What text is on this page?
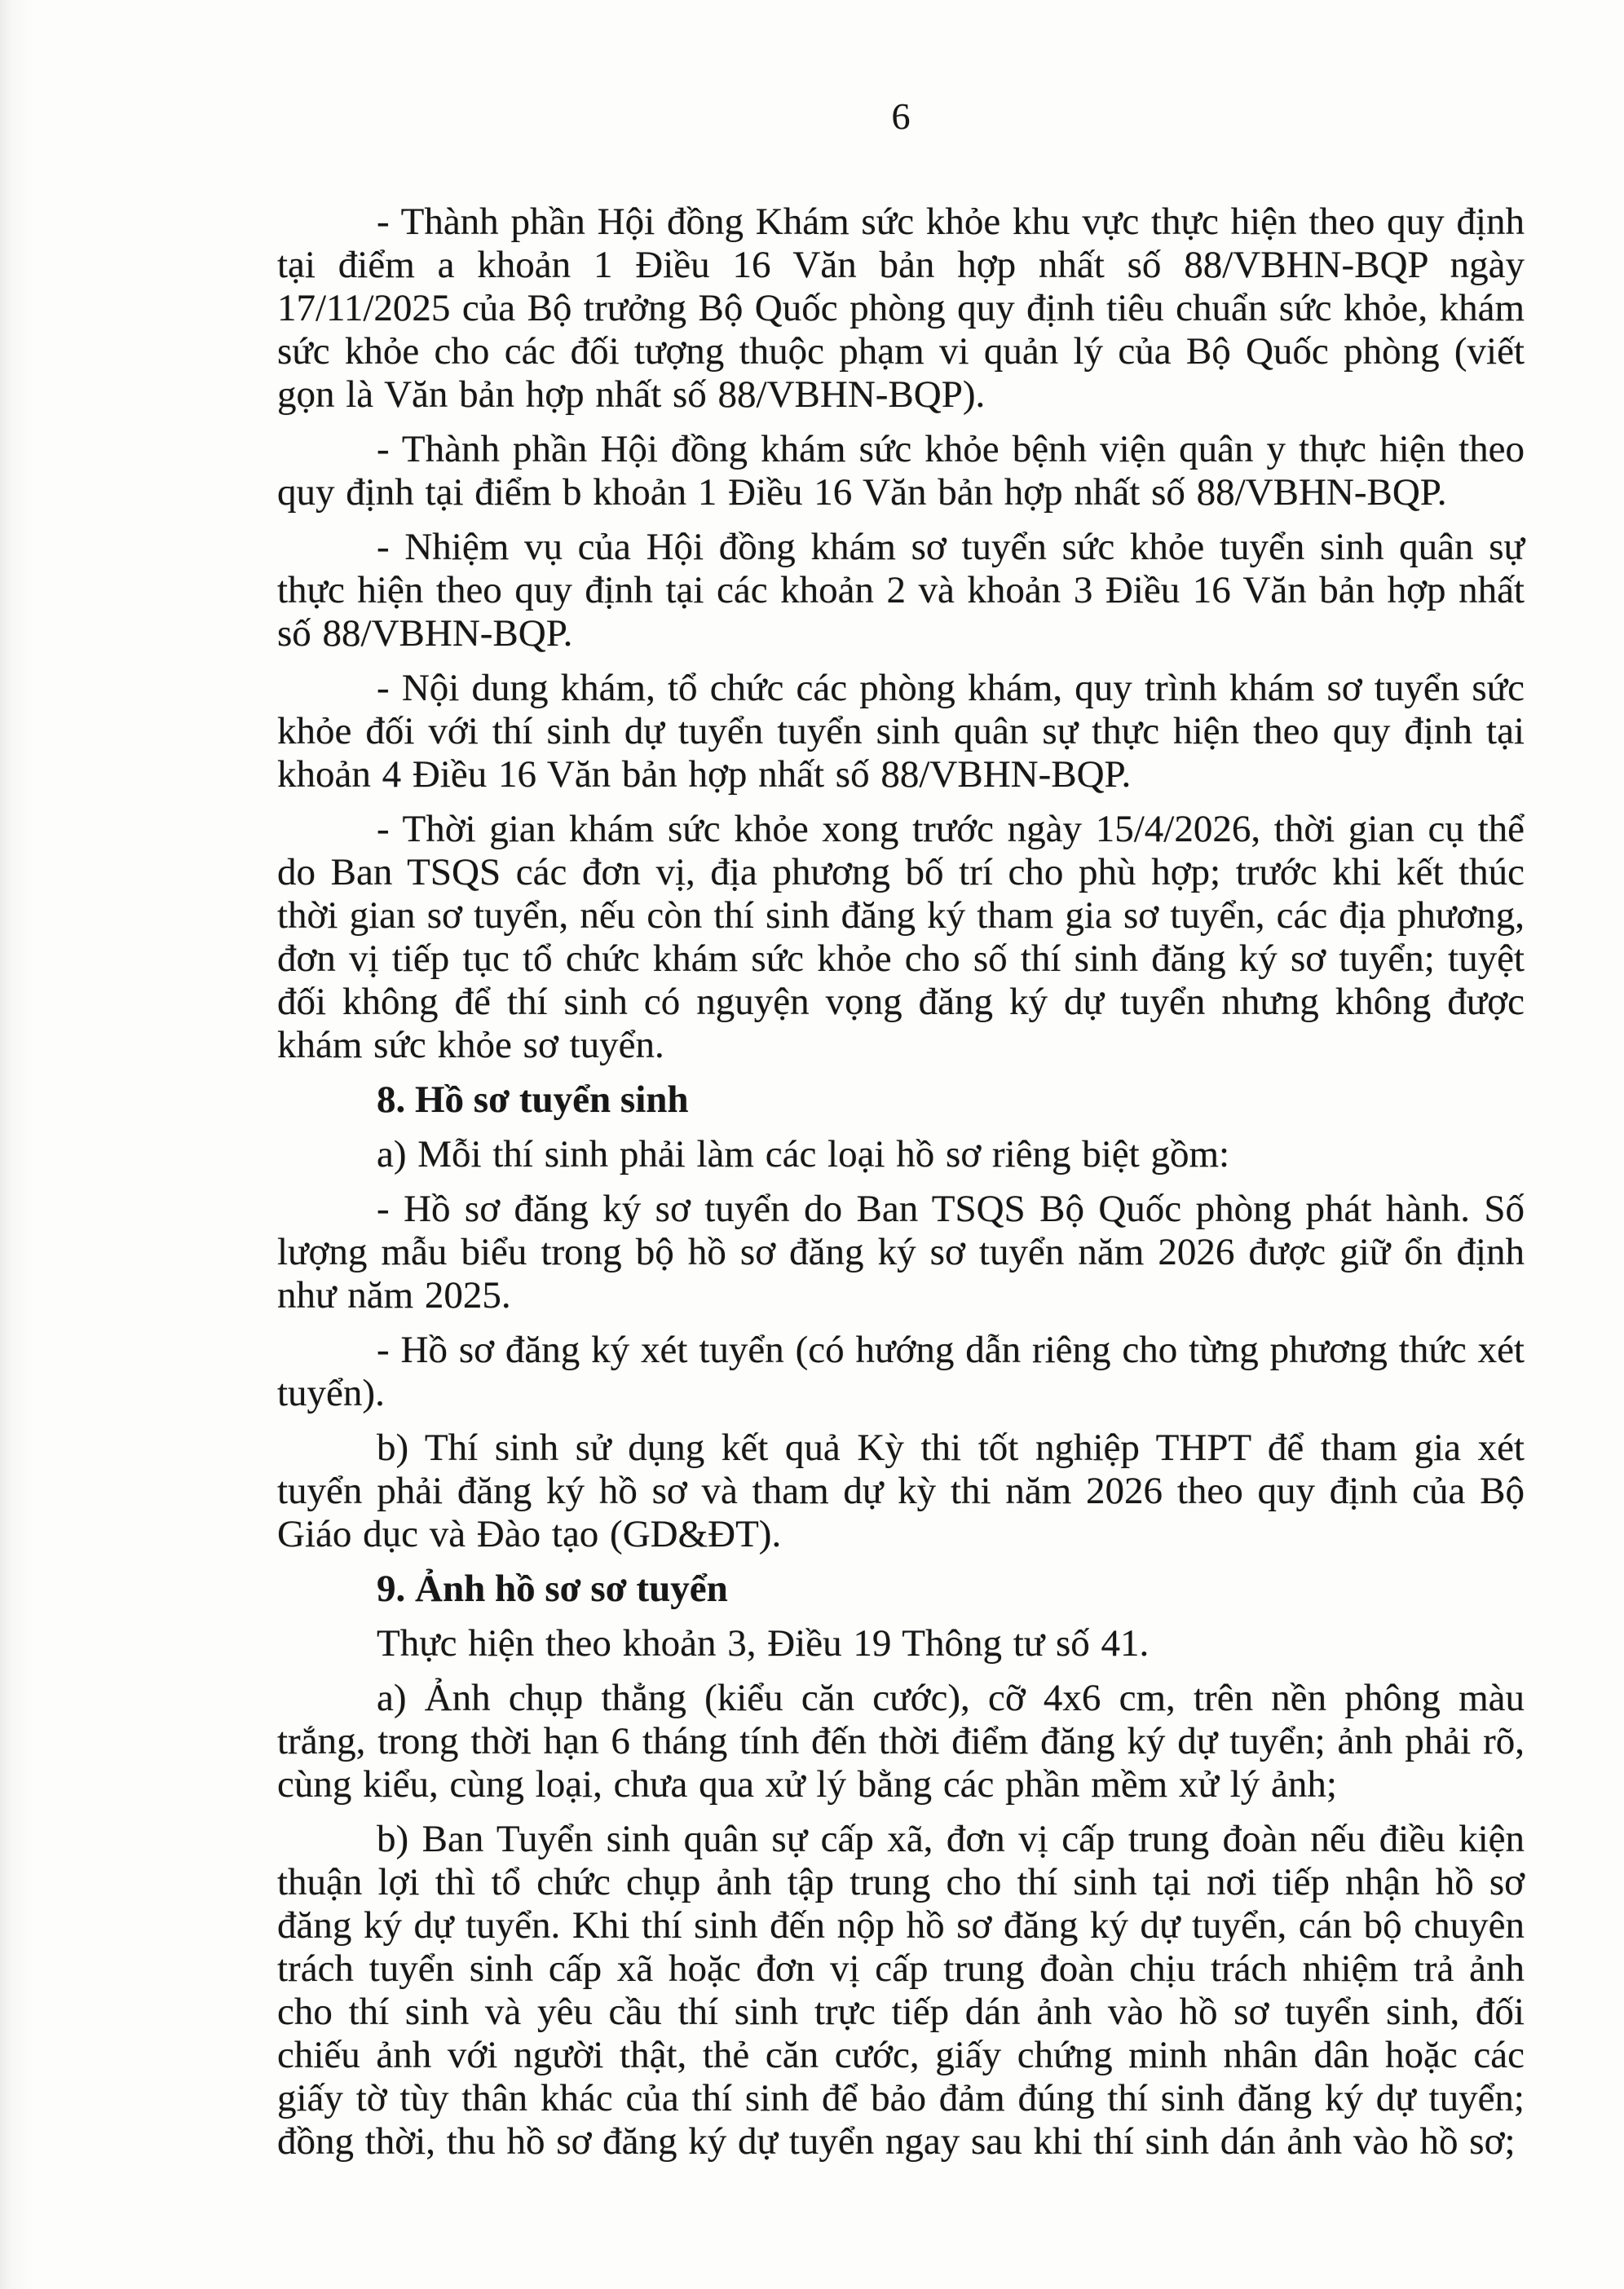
6

- Thành phần Hội đồng Khám sức khỏe khu vực thực hiện theo quy định tại điểm a khoản 1 Điều 16 Văn bản hợp nhất số 88/VBHN-BQP ngày 17/11/2025 của Bộ trưởng Bộ Quốc phòng quy định tiêu chuẩn sức khỏe, khám sức khỏe cho các đối tượng thuộc phạm vi quản lý của Bộ Quốc phòng (viết gọn là Văn bản hợp nhất số 88/VBHN-BQP).

- Thành phần Hội đồng khám sức khỏe bệnh viện quân y thực hiện theo quy định tại điểm b khoản 1 Điều 16 Văn bản hợp nhất số 88/VBHN-BQP.

- Nhiệm vụ của Hội đồng khám sơ tuyển sức khỏe tuyển sinh quân sự thực hiện theo quy định tại các khoản 2 và khoản 3 Điều 16 Văn bản hợp nhất số 88/VBHN-BQP.

- Nội dung khám, tổ chức các phòng khám, quy trình khám sơ tuyển sức khỏe đối với thí sinh dự tuyển tuyển sinh quân sự thực hiện theo quy định tại khoản 4 Điều 16 Văn bản hợp nhất số 88/VBHN-BQP.

- Thời gian khám sức khỏe xong trước ngày 15/4/2026, thời gian cụ thể do Ban TSQS các đơn vị, địa phương bố trí cho phù hợp; trước khi kết thúc thời gian sơ tuyển, nếu còn thí sinh đăng ký tham gia sơ tuyển, các địa phương, đơn vị tiếp tục tổ chức khám sức khỏe cho số thí sinh đăng ký sơ tuyển; tuyệt đối không để thí sinh có nguyện vọng đăng ký dự tuyển nhưng không được khám sức khỏe sơ tuyển.

8. Hồ sơ tuyển sinh

a) Mỗi thí sinh phải làm các loại hồ sơ riêng biệt gồm:

- Hồ sơ đăng ký sơ tuyển do Ban TSQS Bộ Quốc phòng phát hành. Số lượng mẫu biểu trong bộ hồ sơ đăng ký sơ tuyển năm 2026 được giữ ổn định như năm 2025.

- Hồ sơ đăng ký xét tuyển (có hướng dẫn riêng cho từng phương thức xét tuyển).

b) Thí sinh sử dụng kết quả Kỳ thi tốt nghiệp THPT để tham gia xét tuyển phải đăng ký hồ sơ và tham dự kỳ thi năm 2026 theo quy định của Bộ Giáo dục và Đào tạo (GD&ĐT).

9. Ảnh hồ sơ sơ tuyển

Thực hiện theo khoản 3, Điều 19 Thông tư số 41.

a) Ảnh chụp thẳng (kiểu căn cước), cỡ 4x6 cm, trên nền phông màu trắng, trong thời hạn 6 tháng tính đến thời điểm đăng ký dự tuyển; ảnh phải rõ, cùng kiểu, cùng loại, chưa qua xử lý bằng các phần mềm xử lý ảnh;

b) Ban Tuyển sinh quân sự cấp xã, đơn vị cấp trung đoàn nếu điều kiện thuận lợi thì tổ chức chụp ảnh tập trung cho thí sinh tại nơi tiếp nhận hồ sơ đăng ký dự tuyển. Khi thí sinh đến nộp hồ sơ đăng ký dự tuyển, cán bộ chuyên trách tuyển sinh cấp xã hoặc đơn vị cấp trung đoàn chịu trách nhiệm trả ảnh cho thí sinh và yêu cầu thí sinh trực tiếp dán ảnh vào hồ sơ tuyển sinh, đối chiếu ảnh với người thật, thẻ căn cước, giấy chứng minh nhân dân hoặc các giấy tờ tùy thân khác của thí sinh để bảo đảm đúng thí sinh đăng ký dự tuyển; đồng thời, thu hồ sơ đăng ký dự tuyển ngay sau khi thí sinh dán ảnh vào hồ sơ;
